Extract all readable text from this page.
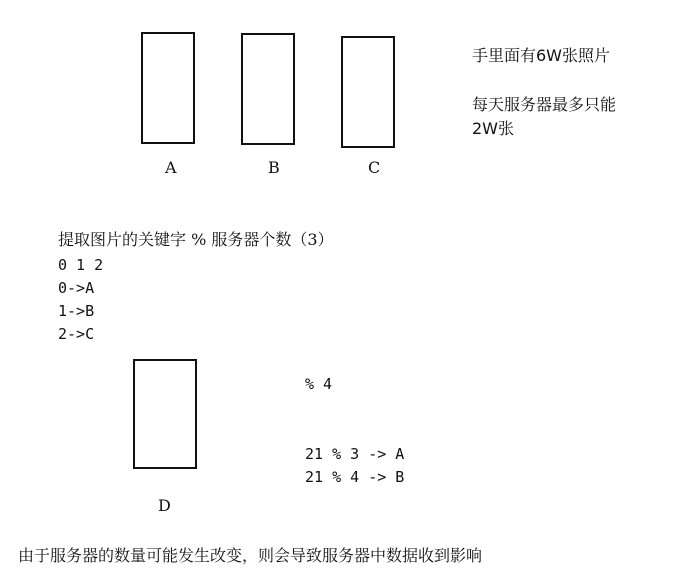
A	B	C
手里面有6W张照片
每天服务器最多只能
2W张
提取图片的关键字 % 服务器个数（3）
0 1 2
0->A
1->B
2->C
D
% 4
21 % 3 -> A
21 % 4 -> B
由于服务器的数量可能发生改变，则会导致服务器中数据收到影响
